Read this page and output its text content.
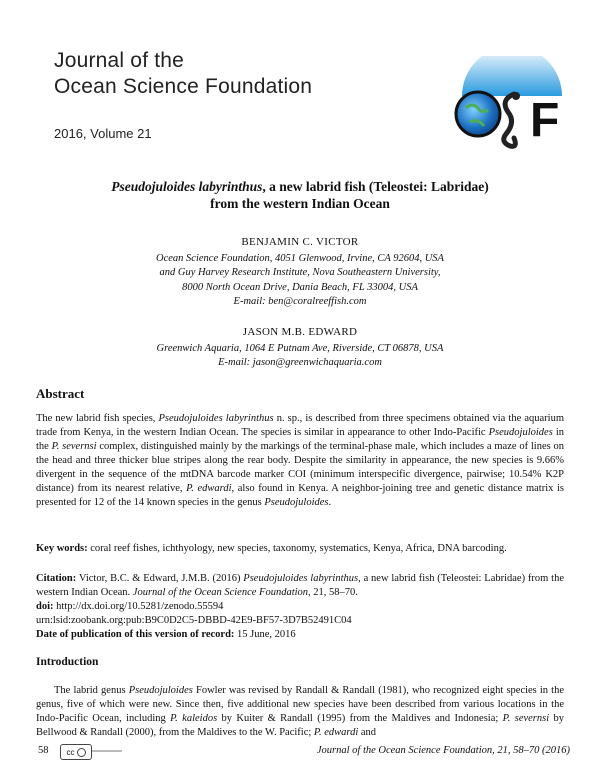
Journal of the
Ocean Science Foundation
2016, Volume 21	F
Pseudojuloides labyrinthus, a new labrid fish (Teleostei: Labridae)
from the western Indian Ocean
BENJAMIN C. VICTOR
Ocean Science Foundation, 4051 Glenwood, Irvine, CA 92604, USA
and Guy Harvey Research Institute, Nova Southeastern University,
8000 North Ocean Drive, Dania Beach, FL 33004, USA
E-mail: ben@coralreeffish.com
JASON M.B. EDWARD
Greenwich Aquaria, 1064 E Putnam Ave, Riverside, CT 06878, USA
E-mail: jason@greenwichaquaria.com
Abstract
The new labrid fish species, Pseudojuloides labyrinthus n. sp., is described from three specimens obtained via the aquarium trade from Kenya, in the western Indian Ocean. The species is similar in appearance to other Indo-Pacific Pseudojuloides in the P. severnsi complex, distinguished mainly by the markings of the terminal-phase male, which includes a maze of lines on the head and three thicker blue stripes along the rear body. Despite the similarity in appearance, the new species is 9.66% divergent in the sequence of the mtDNA barcode marker COI (minimum interspecific divergence, pairwise; 10.54% K2P distance) from its nearest relative, P. edwardi, also found in Kenya. A neighbor-joining tree and genetic distance matrix is presented for 12 of the 14 known species in the genus Pseudojuloides.
Key words: coral reef fishes, ichthyology, new species, taxonomy, systematics, Kenya, Africa, DNA barcoding.
Citation: Victor, B.C. & Edward, J.M.B. (2016) Pseudojuloides labyrinthus, a new labrid fish (Teleostei: Labridae) from the western Indian Ocean. Journal of the Ocean Science Foundation, 21, 58–70.
doi: http://dx.doi.org/10.5281/zenodo.55594
urn:lsid:zoobank.org:pub:B9C0D2C5-DBBD-42E9-BF57-3D7B52491C04
Date of publication of this version of record: 15 June, 2016
Introduction
The labrid genus Pseudojuloides Fowler was revised by Randall & Randall (1981), who recognized eight species in the genus, five of which were new. Since then, five additional new species have been described from various locations in the Indo-Pacific Ocean, including P. kaleidos by Kuiter & Randall (1995) from the Maldives and Indonesia; P. severnsi by Bellwood & Randall (2000), from the Maldives to the W. Pacific; P. edwardi and
58 cc	Journal of the Ocean Science Foundation, 21, 58–70 (2016)
